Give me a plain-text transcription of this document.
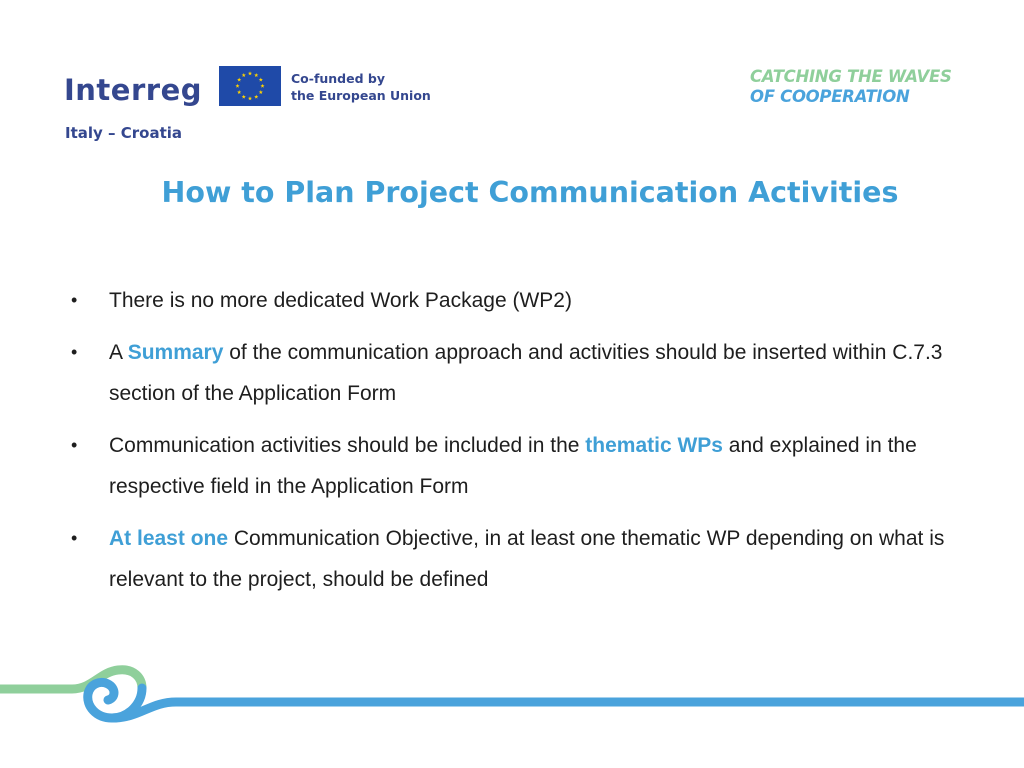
Interreg
Italy – Croatia
Co-funded by
the European Union
CATCHING THE WAVES
OF COOPERATION
How to Plan Project Communication Activities
• There is no more dedicated Work Package (WP2)
• A Summary of the communication approach and activities should be inserted within C.7.3 section of the Application Form
• Communication activities should be included in the thematic WPs and explained in the respective field in the Application Form
• At least one Communication Objective, in at least one thematic WP depending on what is relevant to the project, should be defined
